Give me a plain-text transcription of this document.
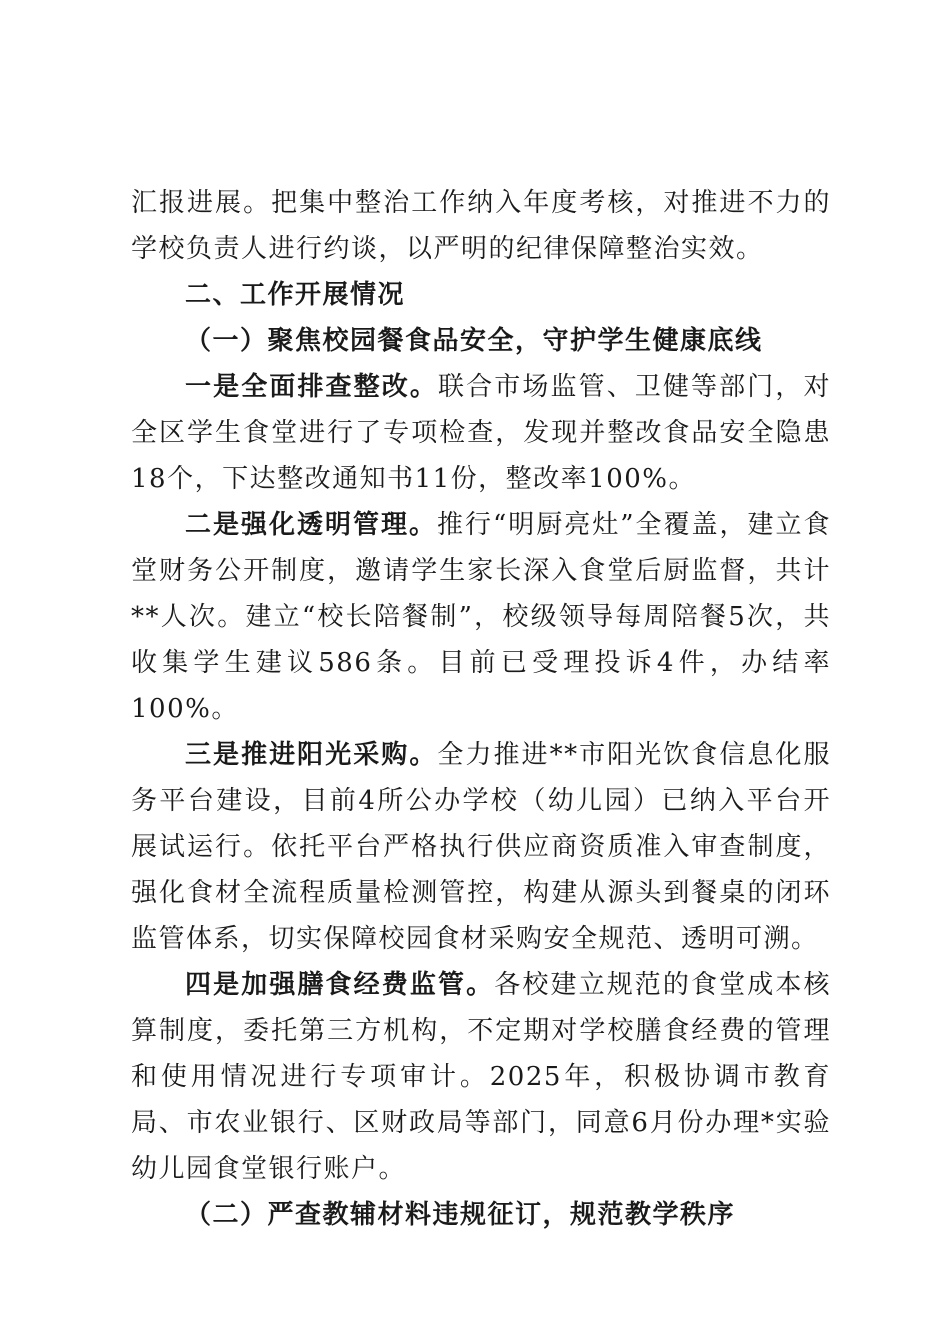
汇报进展。把集中整治工作纳入年度考核，对推进不力的学校负责人进行约谈，以严明的纪律保障整治实效。

二、工作开展情况

（一）聚焦校园餐食品安全，守护学生健康底线

一是全面排查整改。联合市场监管、卫健等部门，对全区学生食堂进行了专项检查，发现并整改食品安全隐患18个，下达整改通知书11份，整改率100%。

二是强化透明管理。推行“明厨亮灶”全覆盖，建立食堂财务公开制度，邀请学生家长深入食堂后厨监督，共计**人次。建立“校长陪餐制”，校级领导每周陪餐5次，共收集学生建议586条。目前已受理投诉4件，办结率100%。

三是推进阳光采购。全力推进**市阳光饮食信息化服务平台建设，目前4所公办学校（幼儿园）已纳入平台开展试运行。依托平台严格执行供应商资质准入审查制度，强化食材全流程质量检测管控，构建从源头到餐桌的闭环监管体系，切实保障校园食材采购安全规范、透明可溯。

四是加强膳食经费监管。各校建立规范的食堂成本核算制度，委托第三方机构，不定期对学校膳食经费的管理和使用情况进行专项审计。2025年，积极协调市教育局、市农业银行、区财政局等部门，同意6月份办理*实验幼儿园食堂银行账户。

（二）严查教辅材料违规征订，规范教学秩序
